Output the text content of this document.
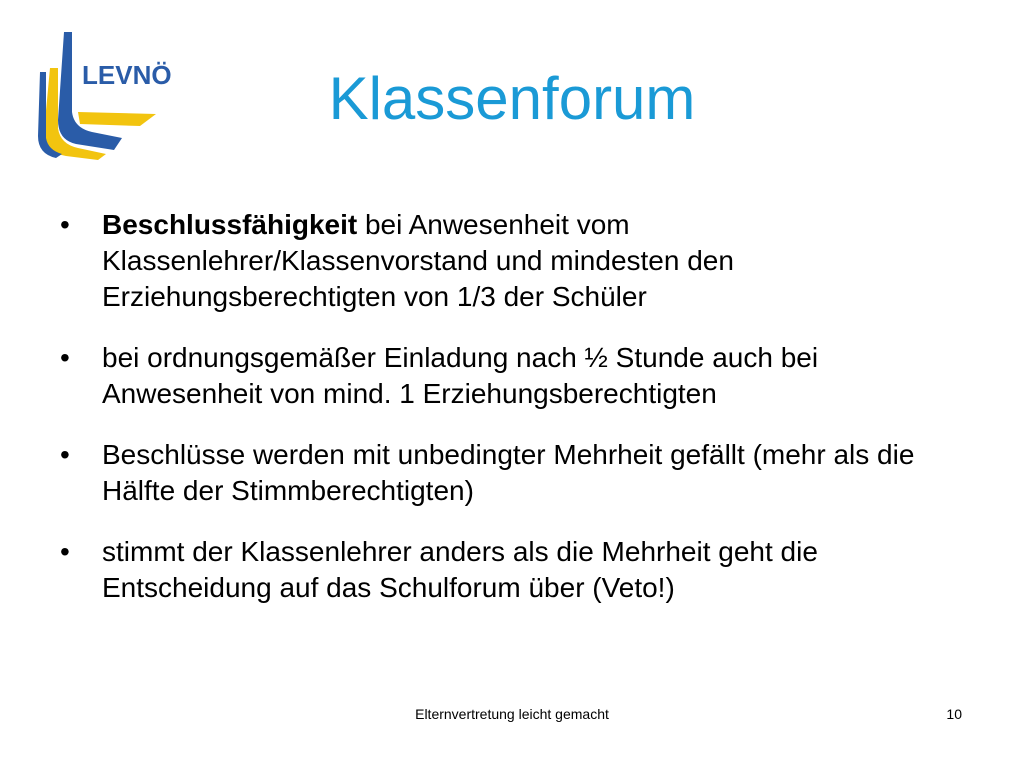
LEVNÖ	Klassenforum
•	Beschlussfähigkeit bei Anwesenheit vom Klassenlehrer/Klassenvorstand und mindesten den Erziehungsberechtigten von 1/3 der Schüler
•	bei ordnungsgemäßer Einladung nach ½ Stunde auch bei Anwesenheit von mind. 1 Erziehungsberechtigten
•	Beschlüsse werden mit unbedingter Mehrheit gefällt (mehr als die Hälfte der Stimmberechtigten)
•	stimmt der Klassenlehrer anders als die Mehrheit geht die Entscheidung auf das Schulforum über (Veto!)
Elternvertretung leicht gemacht	10
